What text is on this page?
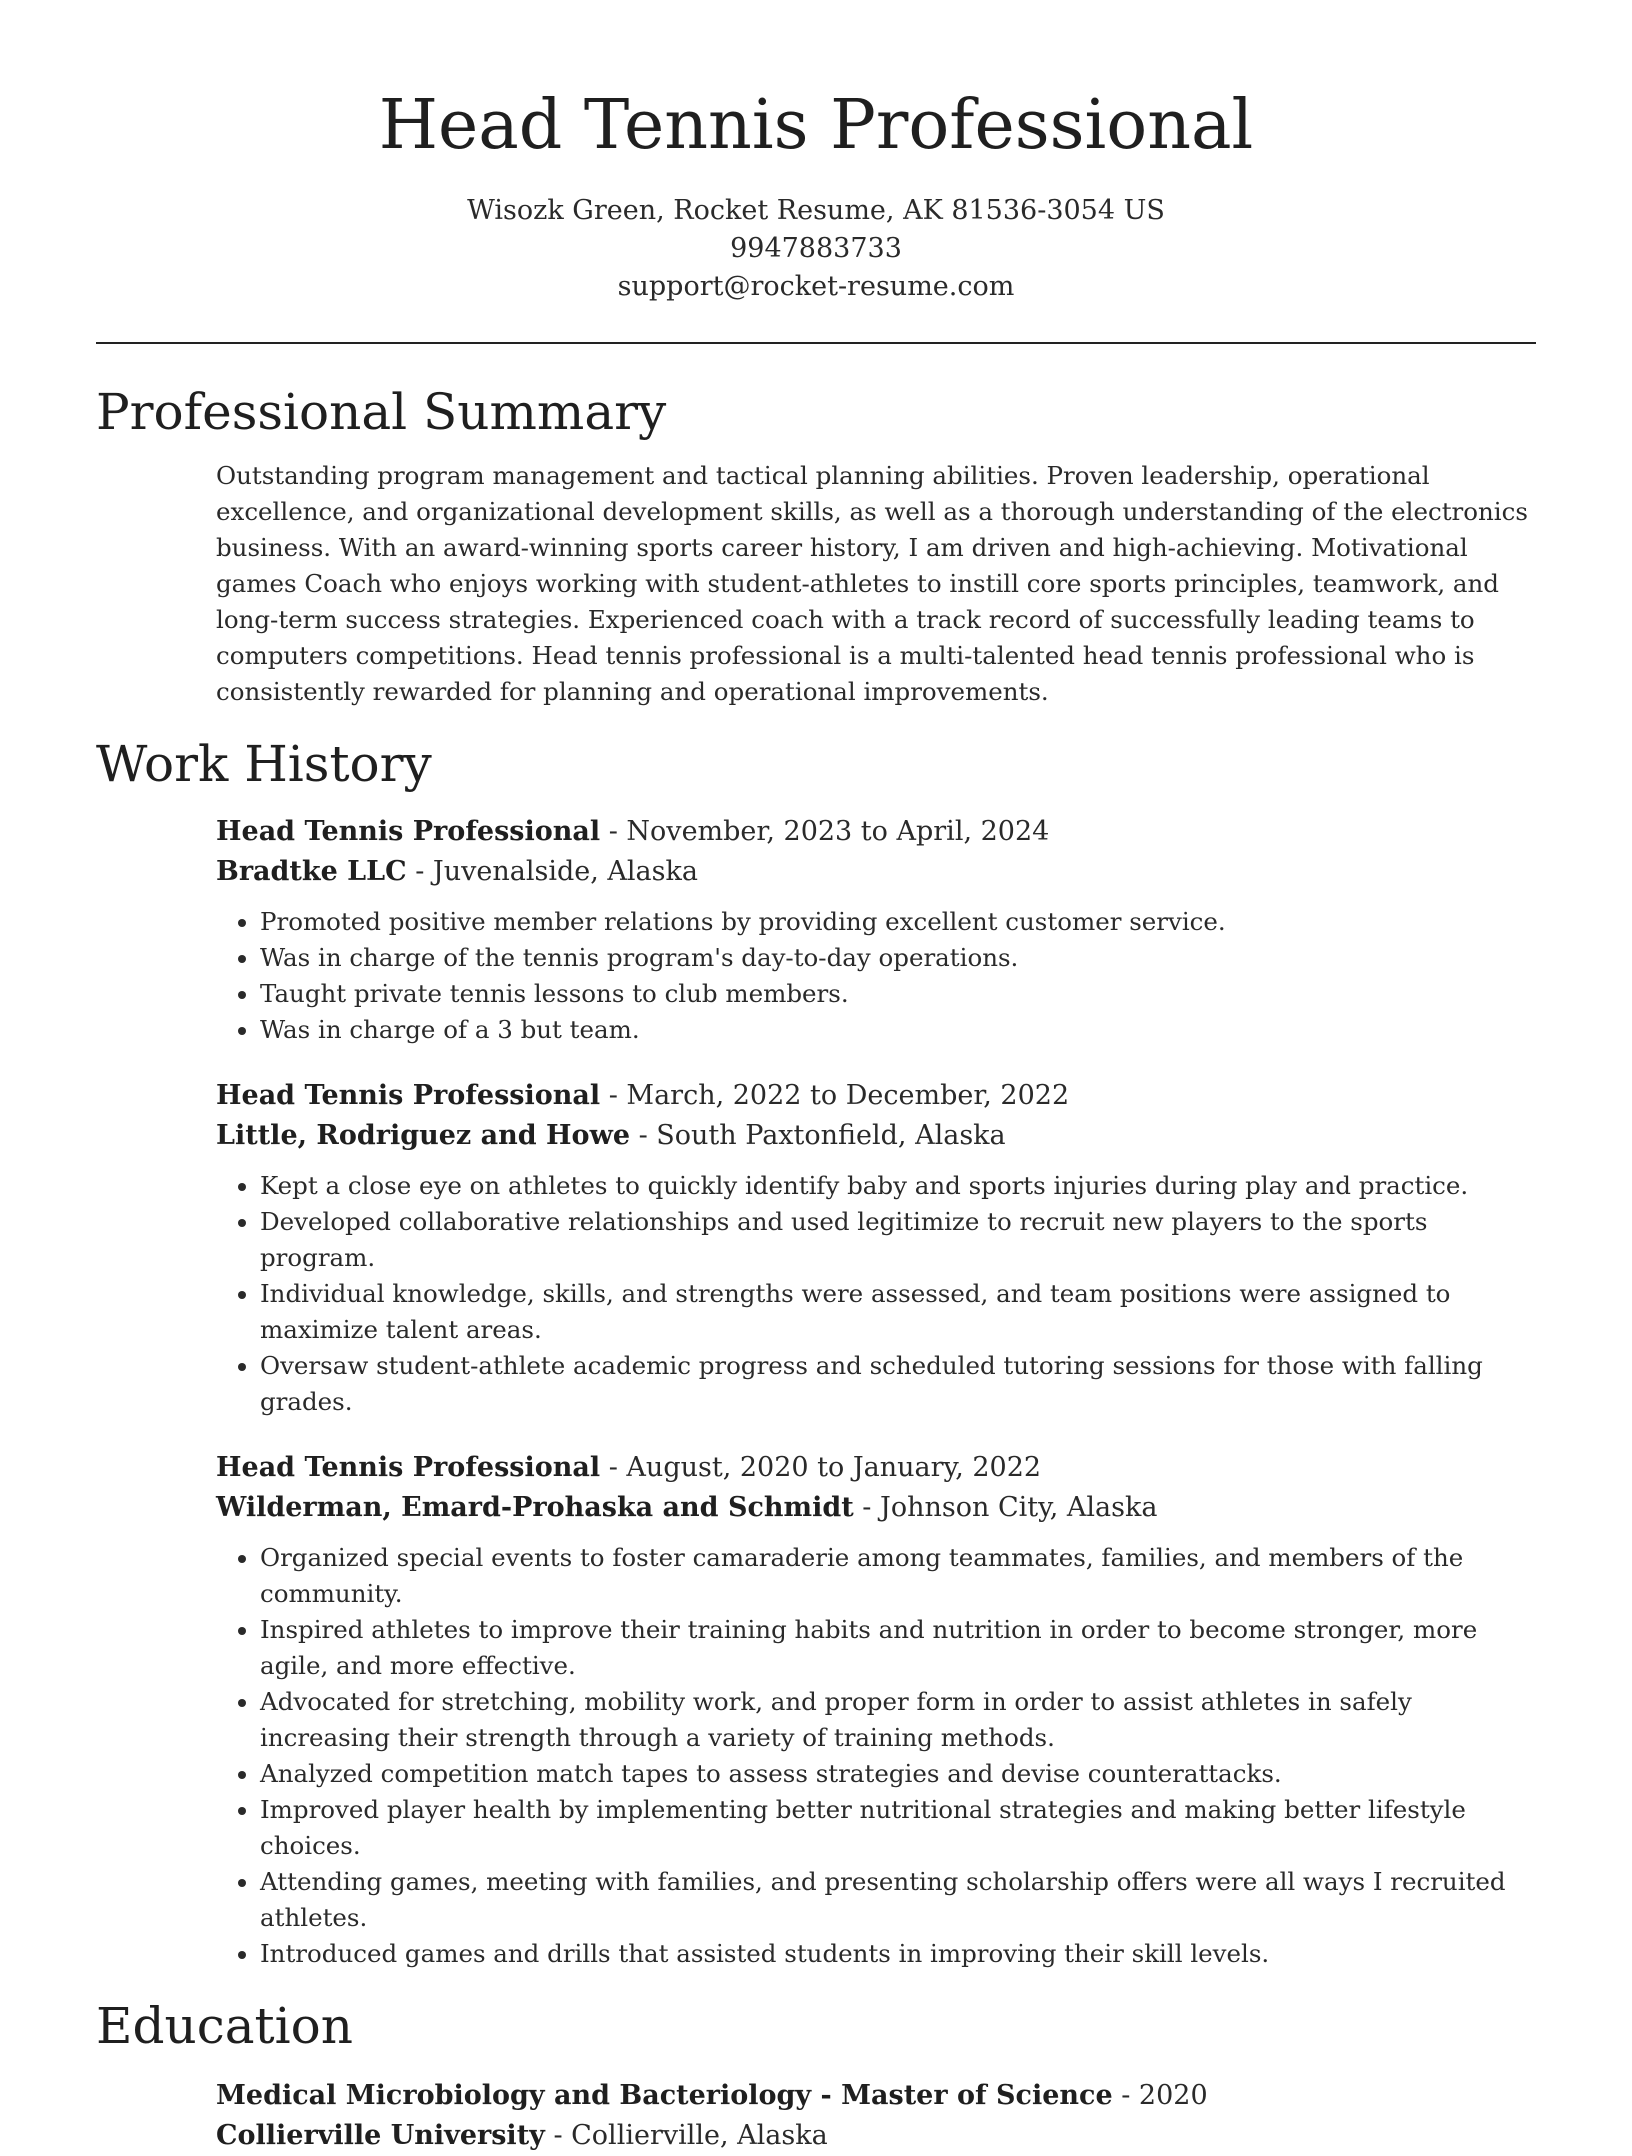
Head Tennis Professional
Wisozk Green, Rocket Resume, AK 81536-3054 US
9947883733
support@rocket-resume.com
Professional Summary

Outstanding program management and tactical planning abilities. Proven leadership, operational excellence, and organizational development skills, as well as a thorough understanding of the electronics business. With an award-winning sports career history, I am driven and high-achieving. Motivational games Coach who enjoys working with student-athletes to instill core sports principles, teamwork, and long-term success strategies. Experienced coach with a track record of successfully leading teams to computers competitions. Head tennis professional is a multi-talented head tennis professional who is consistently rewarded for planning and operational improvements.

Work History
Head Tennis Professional - November, 2023 to April, 2024
Bradtke LLC - Juvenalside, Alaska
• Promoted positive member relations by providing excellent customer service.
• Was in charge of the tennis program's day-to-day operations.
• Taught private tennis lessons to club members.
• Was in charge of a 3 but team.
Head Tennis Professional - March, 2022 to December, 2022
Little, Rodriguez and Howe - South Paxtonfield, Alaska
• Kept a close eye on athletes to quickly identify baby and sports injuries during play and practice.
• Developed collaborative relationships and used legitimize to recruit new players to the sports program.
• Individual knowledge, skills, and strengths were assessed, and team positions were assigned to maximize talent areas.
• Oversaw student-athlete academic progress and scheduled tutoring sessions for those with falling grades.
Head Tennis Professional - August, 2020 to January, 2022
Wilderman, Emard-Prohaska and Schmidt - Johnson City, Alaska
• Organized special events to foster camaraderie among teammates, families, and members of the community.
• Inspired athletes to improve their training habits and nutrition in order to become stronger, more agile, and more effective.
• Advocated for stretching, mobility work, and proper form in order to assist athletes in safely increasing their strength through a variety of training methods.
• Analyzed competition match tapes to assess strategies and devise counterattacks.
• Improved player health by implementing better nutritional strategies and making better lifestyle choices.
• Attending games, meeting with families, and presenting scholarship offers were all ways I recruited athletes.
• Introduced games and drills that assisted students in improving their skill levels.
Education
Medical Microbiology and Bacteriology - Master of Science - 2020
Collierville University - Collierville, Alaska
